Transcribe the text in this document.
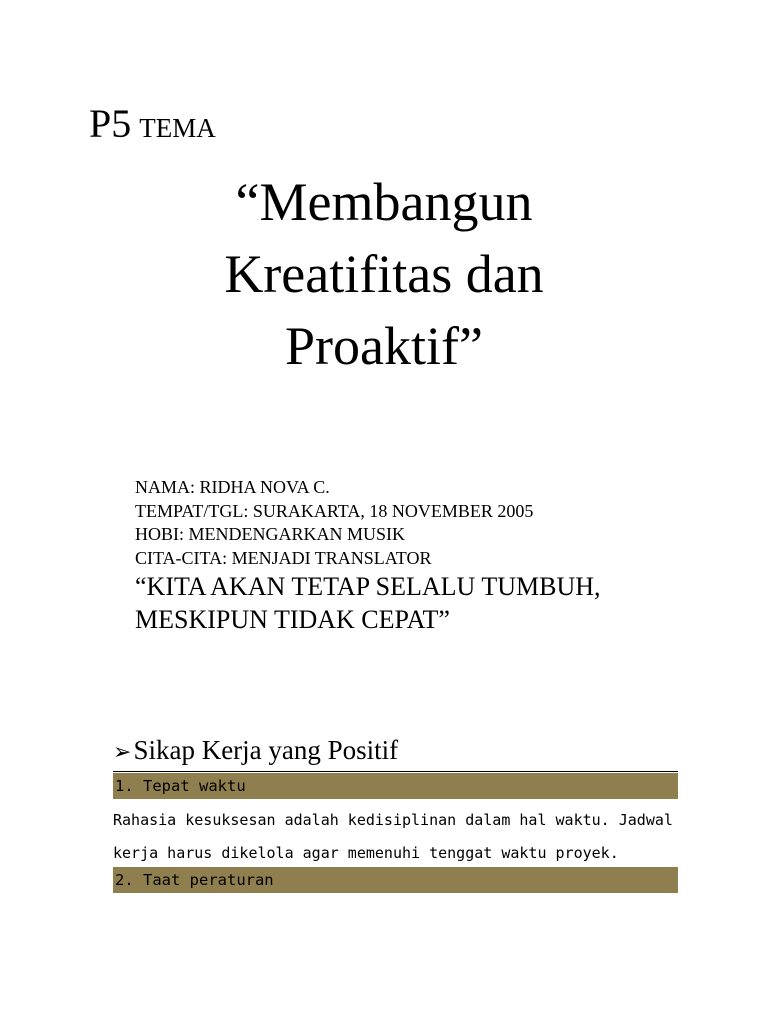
P5 TEMA
“Membangun
Kreatifitas dan
Proaktif”
NAMA: RIDHA NOVA C.
TEMPAT/TGL: SURAKARTA, 18 NOVEMBER 2005
HOBI: MENDENGARKAN MUSIK
CITA-CITA: MENJADI TRANSLATOR
“KITA AKAN TETAP SELALU TUMBUH,
MESKIPUN TIDAK CEPAT”
➢Sikap Kerja yang Positif
1. Tepat waktu
Rahasia kesuksesan adalah kedisiplinan dalam hal waktu. Jadwal
kerja harus dikelola agar memenuhi tenggat waktu proyek.
2. Taat peraturan
